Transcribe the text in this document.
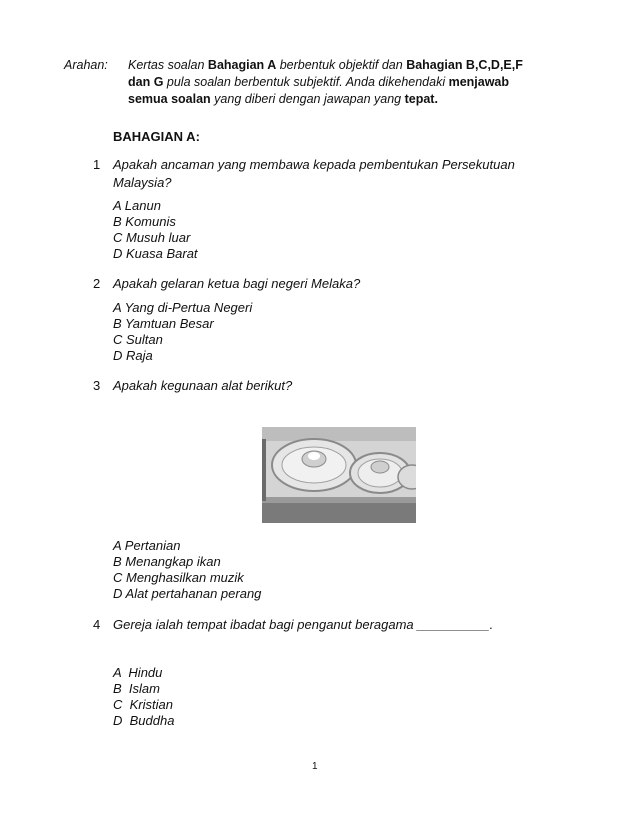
Arahan: Kertas soalan Bahagian A berbentuk objektif dan Bahagian B,C,D,E,F
dan G pula soalan berbentuk subjektif. Anda dikehendaki menjawab
semua soalan yang diberi dengan jawapan yang tepat.
BAHAGIAN A:
1 Apakah ancaman yang membawa kepada pembentukan Persekutuan Malaysia?
A Lanun
B Komunis
C Musuh luar
D Kuasa Barat
2 Apakah gelaran ketua bagi negeri Melaka?
A Yang di-Pertua Negeri
B Yamtuan Besar
C Sultan
D Raja
3 Apakah kegunaan alat berikut?
A Pertanian
B Menangkap ikan
C Menghasilkan muzik
D Alat pertahanan perang
4 Gereja ialah tempat ibadat bagi penganut beragama __________.
A  Hindu
B  Islam
C  Kristian
D  Buddha
1
